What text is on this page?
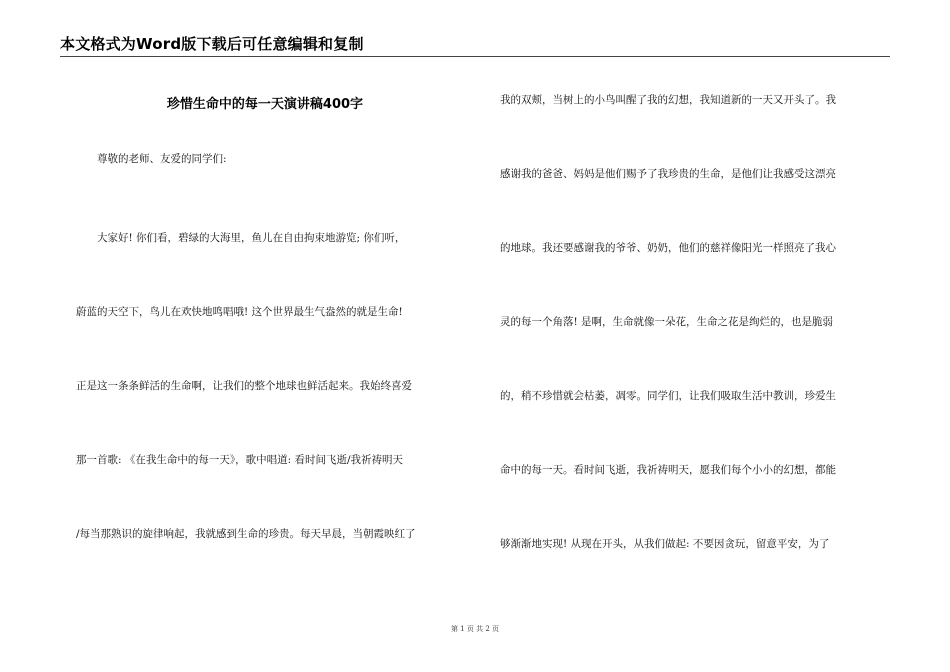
本文格式为Word版下载后可任意编辑和复制
珍惜生命中的每一天演讲稿400字
　　尊敬的老师、友爱的同学们:
　　大家好! 你们看，碧绿的大海里，鱼儿在自由拘束地游览; 你们听，
蔚蓝的天空下，鸟儿在欢快地鸣唱哦! 这个世界最生气盎然的就是生命!
正是这一条条鲜活的生命啊，让我们的整个地球也鲜活起来。我始终喜爱
那一首歌: 《在我生命中的每一天》，歌中唱道: 看时间飞逝/我祈祷明天
/每当那熟识的旋律响起，我就感到生命的珍贵。每天早晨，当朝霞映红了
我的双颊，当树上的小鸟叫醒了我的幻想，我知道新的一天又开头了。我
感谢我的爸爸、妈妈是他们赐予了我珍贵的生命，是他们让我感受这漂亮
的地球。我还要感谢我的爷爷、奶奶，他们的慈祥像阳光一样照亮了我心
灵的每一个角落! 是啊，生命就像一朵花，生命之花是绚烂的，也是脆弱
的，稍不珍惜就会枯萎，凋零。同学们，让我们吸取生活中教训，珍爱生
命中的每一天。看时间飞逝，我祈祷明天，愿我们每个小小的幻想，都能
够渐渐地实现! 从现在开头，从我们做起: 不要因贪玩，留意平安，为了
第 1 页 共 2 页
